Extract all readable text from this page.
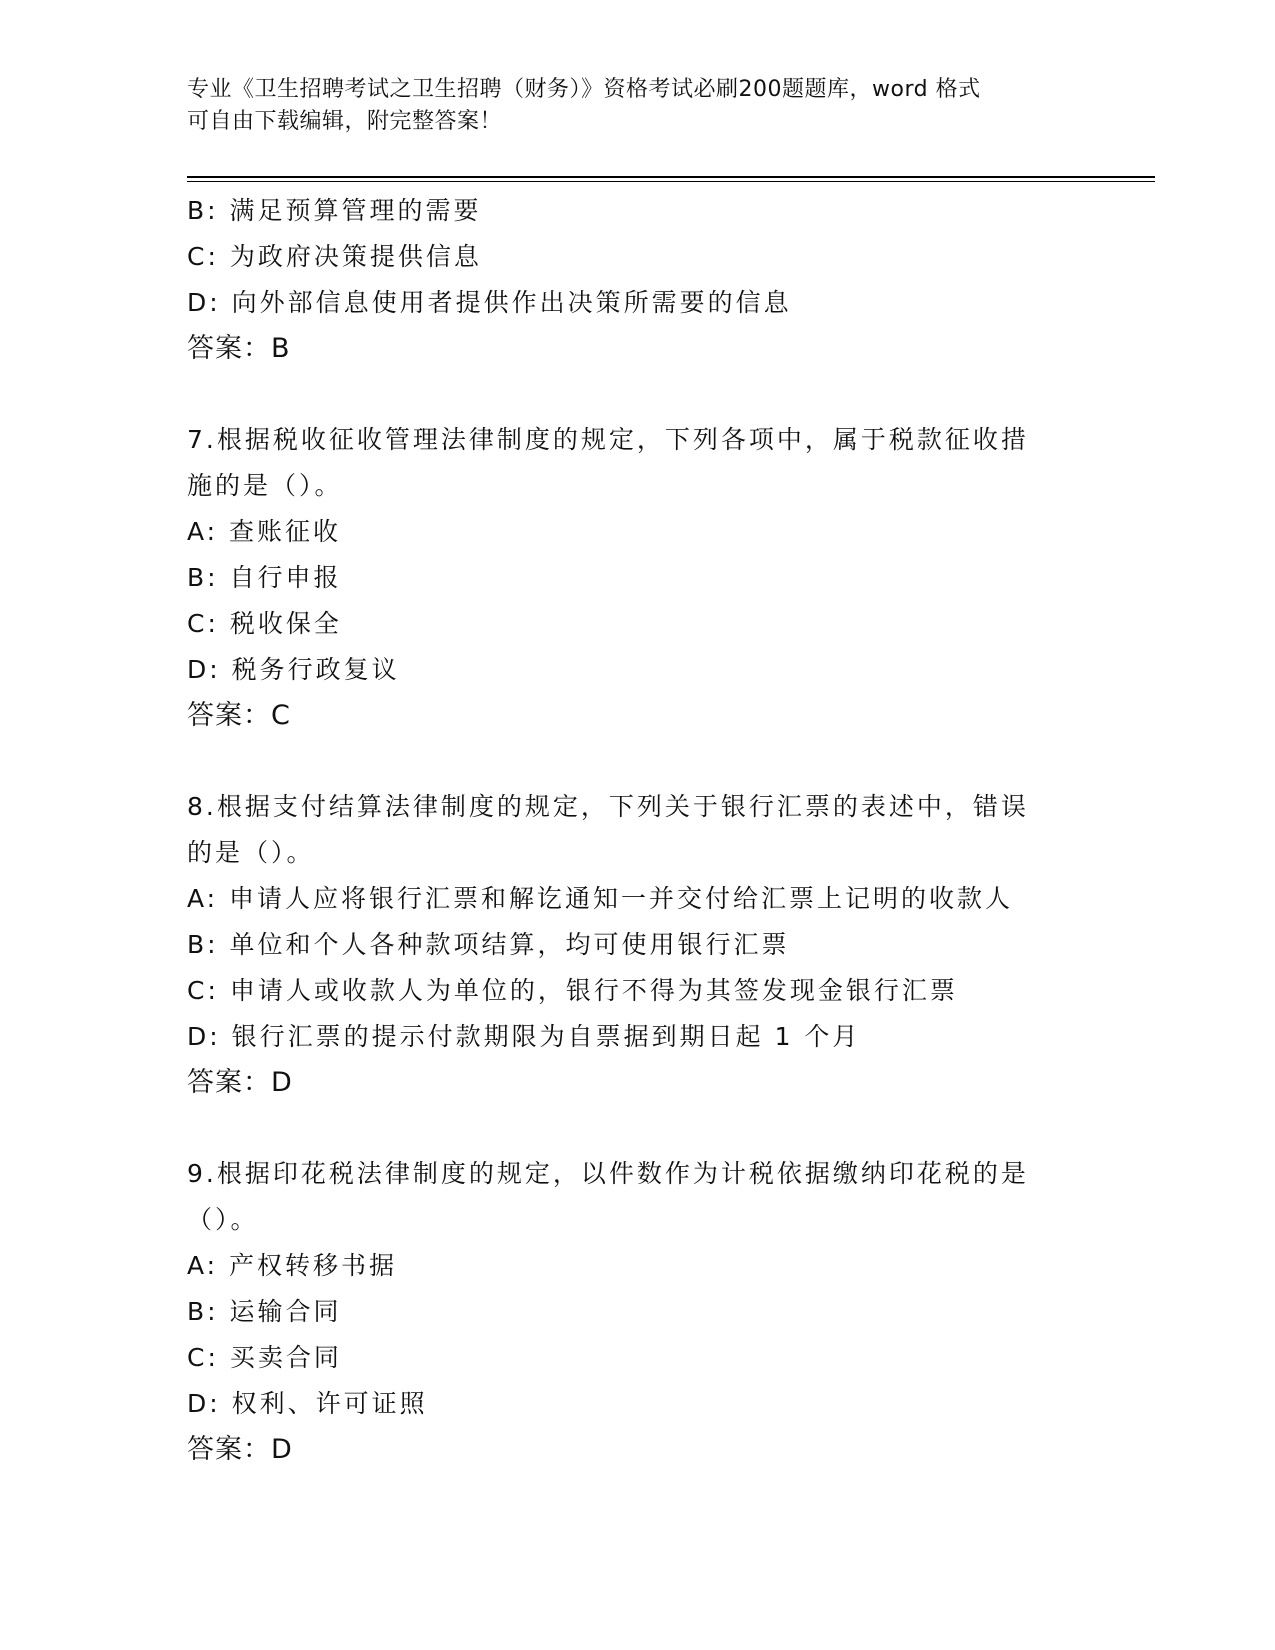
专业《卫生招聘考试之卫生招聘（财务）》资格考试必刷200题题库，word 格式
可自由下载编辑，附完整答案！
B: 满足预算管理的需要
C: 为政府决策提供信息
D: 向外部信息使用者提供作出决策所需要的信息
答案：B
7.根据税收征收管理法律制度的规定，下列各项中，属于税款征收措
施的是（）。
A: 查账征收
B: 自行申报
C: 税收保全
D: 税务行政复议
答案：C
8.根据支付结算法律制度的规定，下列关于银行汇票的表述中，错误
的是（）。
A: 申请人应将银行汇票和解讫通知一并交付给汇票上记明的收款人
B: 单位和个人各种款项结算，均可使用银行汇票
C: 申请人或收款人为单位的，银行不得为其签发现金银行汇票
D: 银行汇票的提示付款期限为自票据到期日起 1 个月
答案：D
9.根据印花税法律制度的规定，以件数作为计税依据缴纳印花税的是
（）。
A: 产权转移书据
B: 运输合同
C: 买卖合同
D: 权利、许可证照
答案：D
